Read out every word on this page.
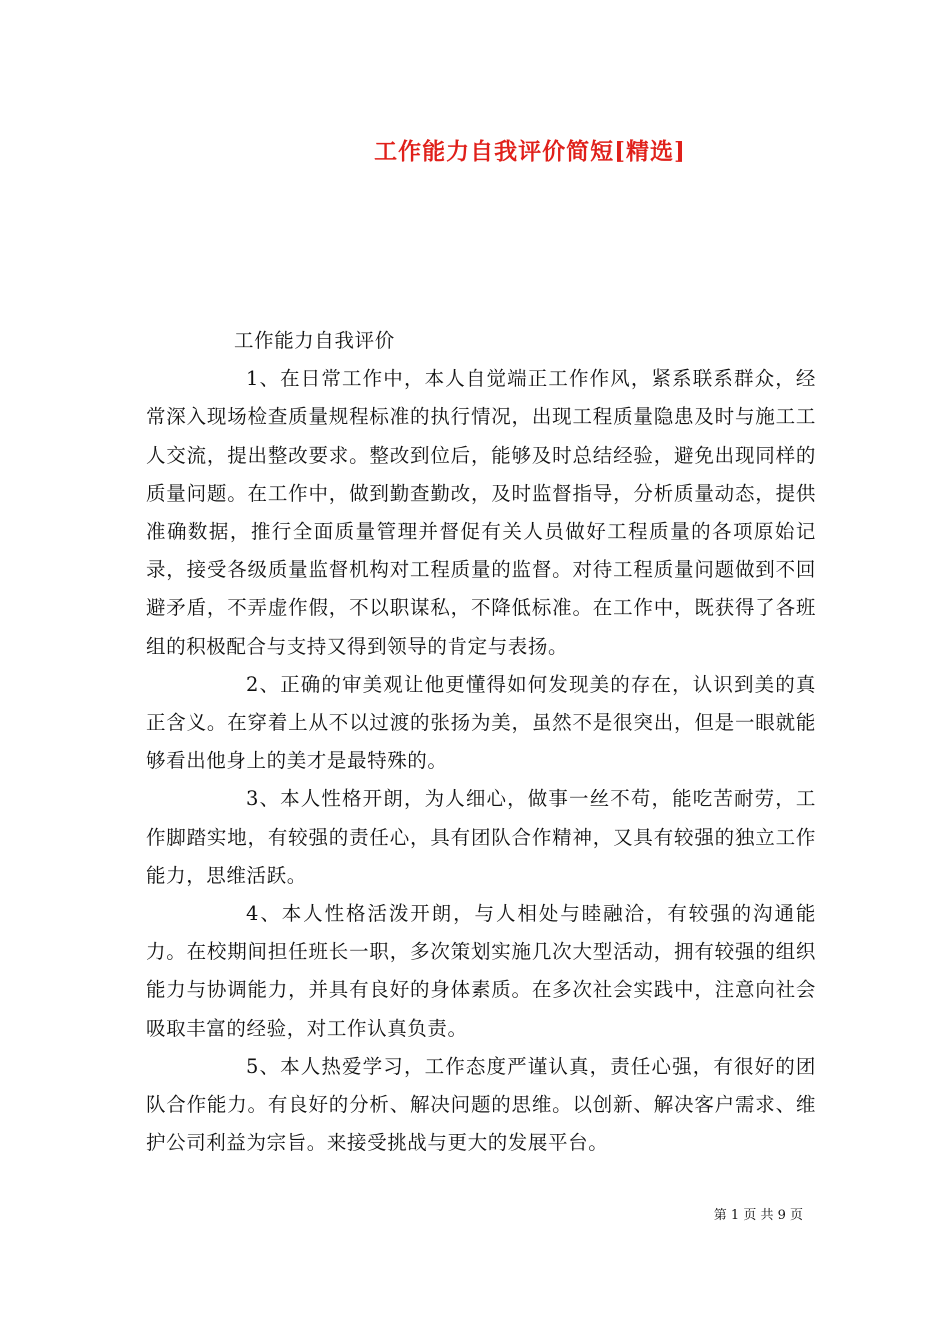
工作能力自我评价简短[精选]

工作能力自我评价

1、在日常工作中，本人自觉端正工作作风，紧系联系群众，经常深入现场检查质量规程标准的执行情况，出现工程质量隐患及时与施工工人交流，提出整改要求。整改到位后，能够及时总结经验，避免出现同样的质量问题。在工作中，做到勤查勤改，及时监督指导，分析质量动态，提供准确数据，推行全面质量管理并督促有关人员做好工程质量的各项原始记录，接受各级质量监督机构对工程质量的监督。对待工程质量问题做到不回避矛盾，不弄虚作假，不以职谋私，不降低标准。在工作中，既获得了各班组的积极配合与支持又得到领导的肯定与表扬。

2、正确的审美观让他更懂得如何发现美的存在，认识到美的真正含义。在穿着上从不以过渡的张扬为美，虽然不是很突出，但是一眼就能够看出他身上的美才是最特殊的。

3、本人性格开朗，为人细心，做事一丝不苟，能吃苦耐劳，工作脚踏实地，有较强的责任心，具有团队合作精神，又具有较强的独立工作能力，思维活跃。

4、本人性格活泼开朗，与人相处与睦融洽，有较强的沟通能力。在校期间担任班长一职，多次策划实施几次大型活动，拥有较强的组织能力与协调能力，并具有良好的身体素质。在多次社会实践中，注意向社会吸取丰富的经验，对工作认真负责。

5、本人热爱学习，工作态度严谨认真，责任心强，有很好的团队合作能力。有良好的分析、解决问题的思维。以创新、解决客户需求、维护公司利益为宗旨。来接受挑战与更大的发展平台。

第 1 页 共 9 页
